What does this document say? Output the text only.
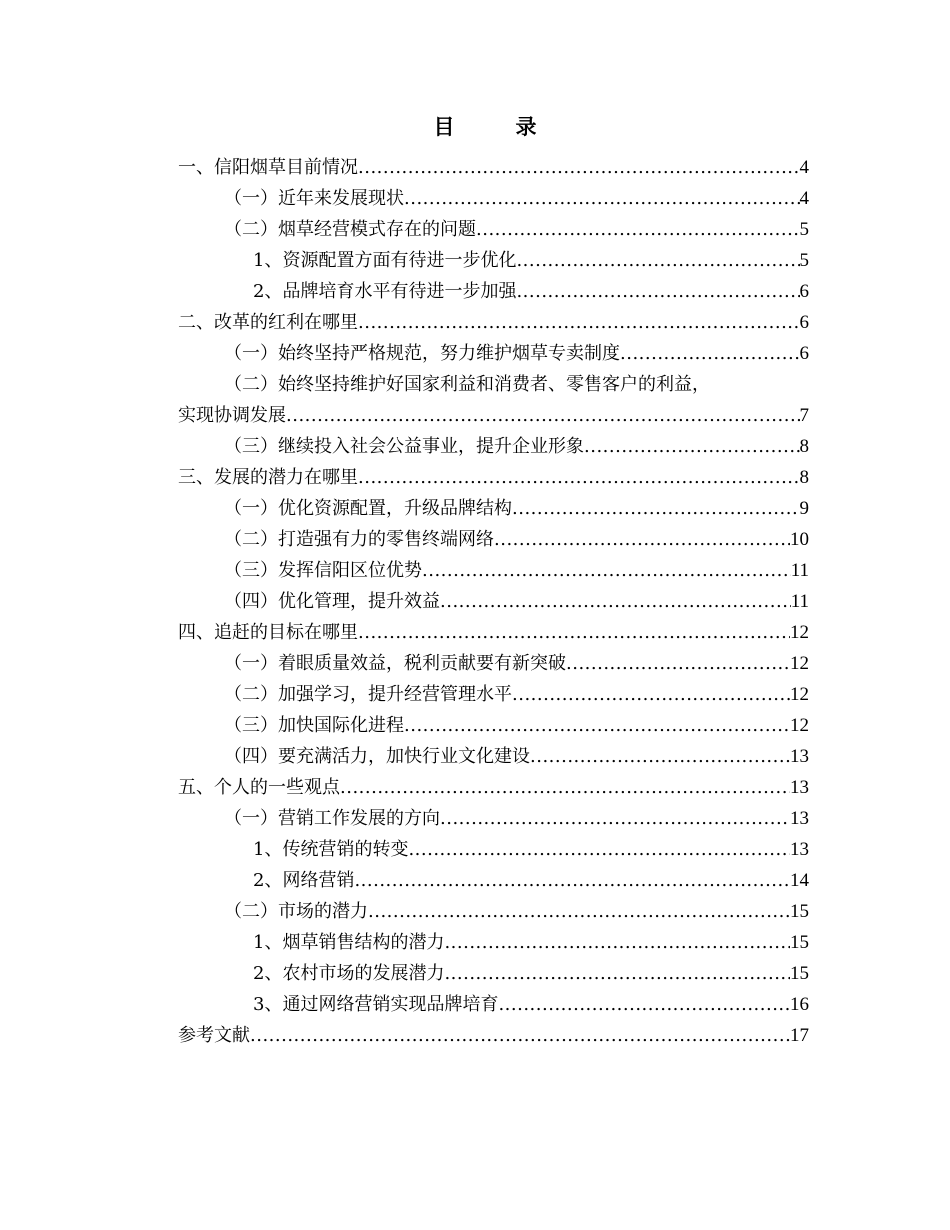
目　录
一、信阳烟草目前情况 .....	4
（一）近年来发展现状 .....	4
（二）烟草经营模式存在的问题 .....	5
1、资源配置方面有待进一步优化 .....	5
2、品牌培育水平有待进一步加强 .....	6
二、改革的红利在哪里 .....	6
（一）始终坚持严格规范，努力维护烟草专卖制度 .....	6
（二）始终坚持维护好国家利益和消费者、零售客户的利益，
实现协调发展 .....	7
（三）继续投入社会公益事业，提升企业形象 .....	8
三、发展的潜力在哪里 .....	8
（一）优化资源配置，升级品牌结构 .....	9
（二）打造强有力的零售终端网络 .....	10
（三）发挥信阳区位优势 .....	11
（四）优化管理，提升效益 .....	11
四、追赶的目标在哪里 .....	12
（一）着眼质量效益，税利贡献要有新突破 .....	12
（二）加强学习，提升经营管理水平 .....	12
（三）加快国际化进程 .....	12
（四）要充满活力，加快行业文化建设 .....	13
五、个人的一些观点 .....	13
（一）营销工作发展的方向 .....	13
1、传统营销的转变 .....	13
2、网络营销 .....	14
（二）市场的潜力 .....	15
1、烟草销售结构的潜力 .....	15
2、农村市场的发展潜力 .....	15
3、通过网络营销实现品牌培育 .....	16
参考文献 .....	17
